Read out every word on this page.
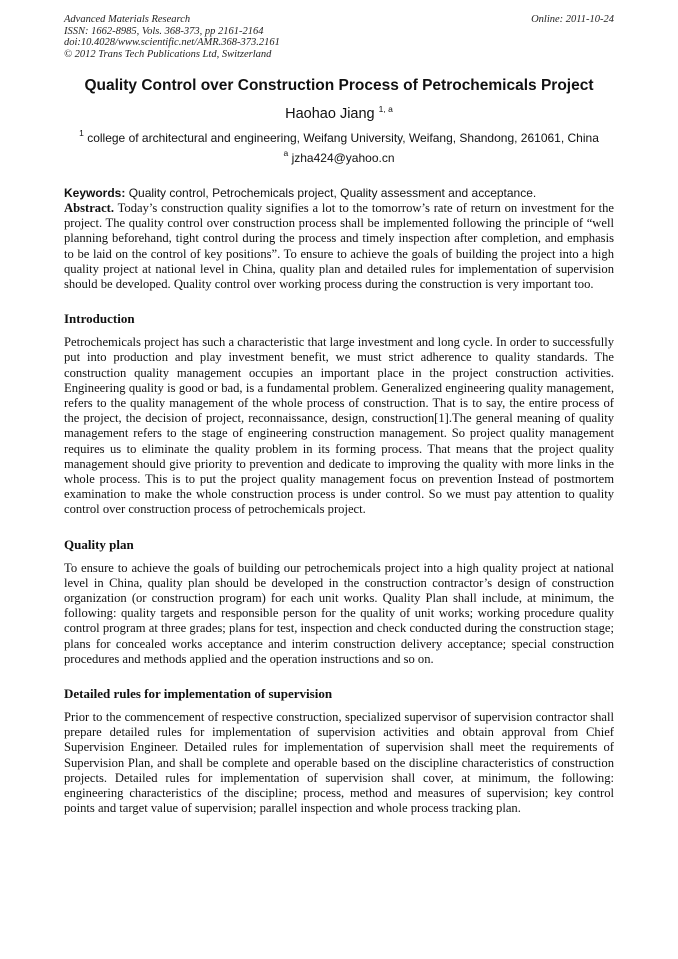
Advanced Materials Research
ISSN: 1662-8985, Vols. 368-373, pp 2161-2164
doi:10.4028/www.scientific.net/AMR.368-373.2161
© 2012 Trans Tech Publications Ltd, Switzerland
Online: 2011-10-24
Quality Control over Construction Process of Petrochemicals Project
Haohao Jiang $^{1, a}$
$^1$ college of architectural and engineering, Weifang University, Weifang, Shandong, 261061, China
$^a$ jzha424@yahoo.cn
Keywords: Quality control, Petrochemicals project, Quality assessment and acceptance.

Abstract. Today’s construction quality signifies a lot to the tomorrow’s rate of return on investment for the project. The quality control over construction process shall be implemented following the principle of “well planning beforehand, tight control during the process and timely inspection after completion, and emphasis to be laid on the control of key positions”. To ensure to achieve the goals of building the project into a high quality project at national level in China, quality plan and detailed rules for implementation of supervision should be developed. Quality control over working process during the construction is very important too.

Introduction

Petrochemicals project has such a characteristic that large investment and long cycle. In order to successfully put into production and play investment benefit, we must strict adherence to quality standards. The construction quality management occupies an important place in the project construction activities. Engineering quality is good or bad, is a fundamental problem. Generalized engineering quality management, refers to the quality management of the whole process of construction. That is to say, the entire process of the project, the decision of project, reconnaissance, design, construction[1].The general meaning of quality management refers to the stage of engineering construction management. So project quality management requires us to eliminate the quality problem in its forming process. That means that the project quality management should give priority to prevention and dedicate to improving the quality with more links in the whole process. This is to put the project quality management focus on prevention Instead of postmortem examination to make the whole construction process is under control. So we must pay attention to quality control over construction process of petrochemicals project.

Quality plan

To ensure to achieve the goals of building our petrochemicals project into a high quality project at national level in China, quality plan should be developed in the construction contractor’s design of construction organization (or construction program) for each unit works. Quality Plan shall include, at minimum, the following: quality targets and responsible person for the quality of unit works; working procedure quality control program at three grades; plans for test, inspection and check conducted during the construction stage; plans for concealed works acceptance and interim construction delivery acceptance; special construction procedures and methods applied and the operation instructions and so on.

Detailed rules for implementation of supervision

Prior to the commencement of respective construction, specialized supervisor of supervision contractor shall prepare detailed rules for implementation of supervision activities and obtain approval from Chief Supervision Engineer. Detailed rules for implementation of supervision shall meet the requirements of Supervision Plan, and shall be complete and operable based on the discipline characteristics of construction projects. Detailed rules for implementation of supervision shall cover, at minimum, the following: engineering characteristics of the discipline; process, method and measures of supervision; key control points and target value of supervision; parallel inspection and whole process tracking plan.
